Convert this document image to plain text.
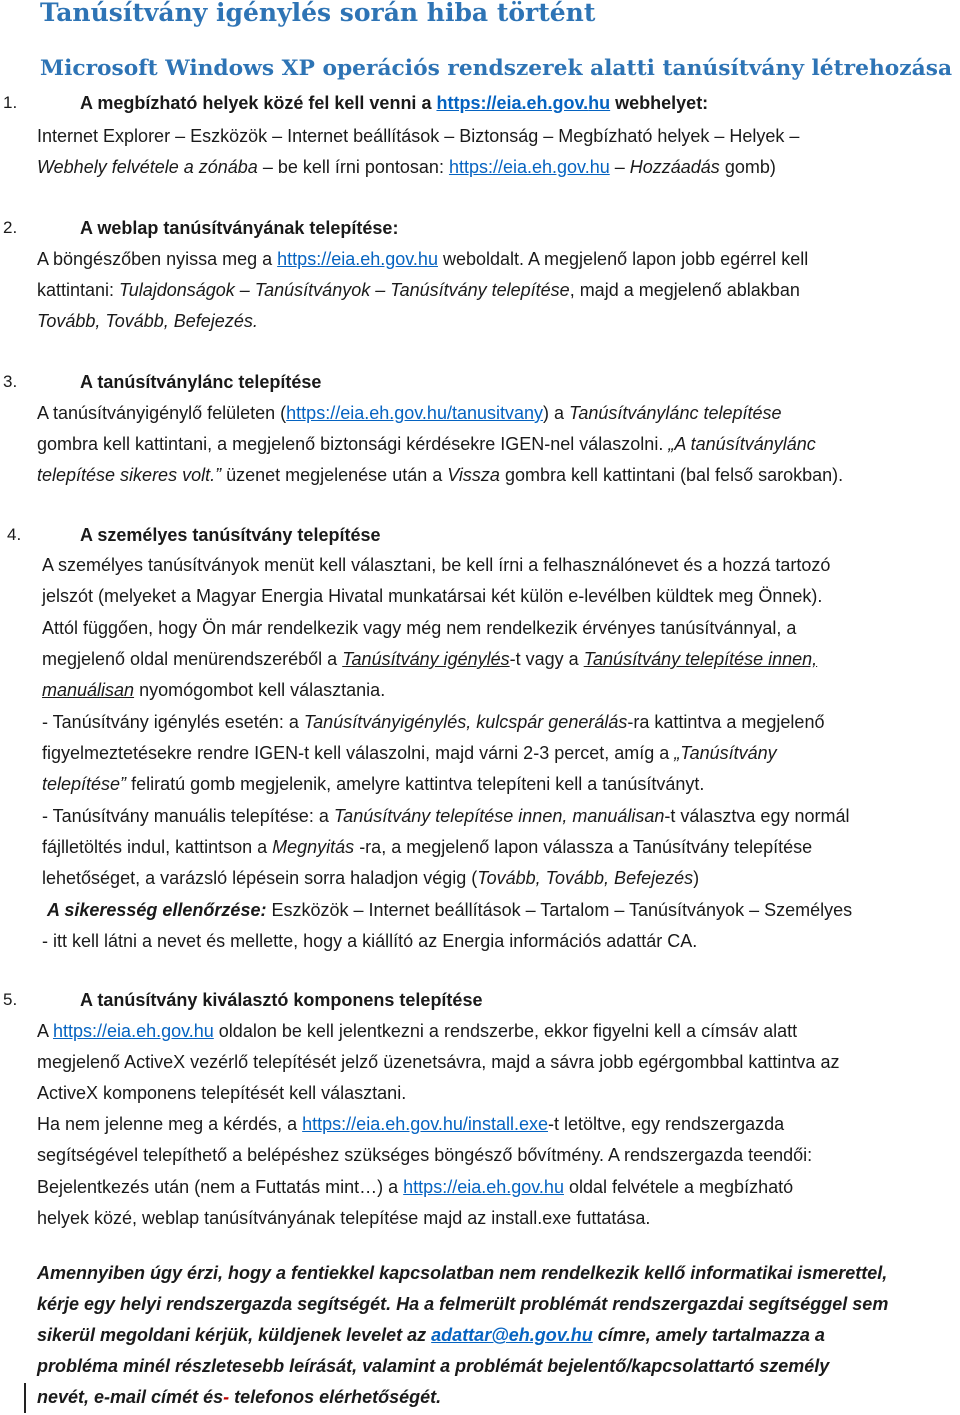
Tanúsítvány igénylés során hiba történt
Microsoft Windows XP operációs rendszerek alatti tanúsítvány létrehozása
1.	A megbízható helyek közé fel kell venni a https://eia.eh.gov.hu webhelyet:
Internet Explorer – Eszközök – Internet beállítások – Biztonság – Megbízható helyek – Helyek –
Webhely felvétele a zónába – be kell írni pontosan: https://eia.eh.gov.hu – Hozzáadás gomb)
2.	A weblap tanúsítványának telepítése:
A böngészőben nyissa meg a https://eia.eh.gov.hu weboldalt. A megjelenő lapon jobb egérrel kell
kattintani: Tulajdonságok – Tanúsítványok – Tanúsítvány telepítése, majd a megjelenő ablakban
Tovább, Tovább, Befejezés.
3.	A tanúsítványlánc telepítése
A tanúsítványigénylő felületen (https://eia.eh.gov.hu/tanusitvany) a Tanúsítványlánc telepítése
gombra kell kattintani, a megjelenő biztonsági kérdésekre IGEN-nel válaszolni. „A tanúsítványlánc
telepítése sikeres volt.” üzenet megjelenése után a Vissza gombra kell kattintani (bal felső sarokban).
4.	A személyes tanúsítvány telepítése
A személyes tanúsítványok menüt kell választani, be kell írni a felhasználónevet és a hozzá tartozó
jelszót (melyeket a Magyar Energia Hivatal munkatársai két külön e-levélben küldtek meg Önnek).
Attól függően, hogy Ön már rendelkezik vagy még nem rendelkezik érvényes tanúsítvánnyal, a
megjelenő oldal menürendszeréből a Tanúsítvány igénylés-t vagy a Tanúsítvány telepítése innen,
manuálisan nyomógombot kell választania.
- Tanúsítvány igénylés esetén: a Tanúsítványigénylés, kulcspár generálás-ra kattintva a megjelenő
figyelmeztetésekre rendre IGEN-t kell válaszolni, majd várni 2-3 percet, amíg a „Tanúsítvány
telepítése” feliratú gomb megjelenik, amelyre kattintva telepíteni kell a tanúsítványt.
- Tanúsítvány manuális telepítése: a Tanúsítvány telepítése innen, manuálisan-t választva egy normál
fájlletöltés indul, kattintson a Megnyitás -ra, a megjelenő lapon válassza a Tanúsítvány telepítése
lehetőséget, a varázsló lépésein sorra haladjon végig (Tovább, Tovább, Befejezés)
A sikeresség ellenőrzése: Eszközök – Internet beállítások – Tartalom – Tanúsítványok – Személyes
- itt kell látni a nevet és mellette, hogy a kiállító az Energia információs adattár CA.
5.	A tanúsítvány kiválasztó komponens telepítése
A https://eia.eh.gov.hu oldalon be kell jelentkezni a rendszerbe, ekkor figyelni kell a címsáv alatt
megjelenő ActiveX vezérlő telepítését jelző üzenetsávra, majd a sávra jobb egérgombbal kattintva az
ActiveX komponens telepítését kell választani.
Ha nem jelenne meg a kérdés, a https://eia.eh.gov.hu/install.exe-t letöltve, egy rendszergazda
segítségével telepíthető a belépéshez szükséges böngésző bővítmény. A rendszergazda teendői:
Bejelentkezés után (nem a Futtatás mint…) a https://eia.eh.gov.hu oldal felvétele a megbízható
helyek közé, weblap tanúsítványának telepítése majd az install.exe futtatása.
Amennyiben úgy érzi, hogy a fentiekkel kapcsolatban nem rendelkezik kellő informatikai ismerettel,
kérje egy helyi rendszergazda segítségét. Ha a felmerült problémát rendszergazdai segítséggel sem
sikerül megoldani kérjük, küldjenek levelet az adattar@eh.gov.hu címre, amely tartalmazza a
probléma minél részletesebb leírását, valamint a problémát bejelentő/kapcsolattartó személy
nevét, e-mail címét és- telefonos elérhetőségét.
